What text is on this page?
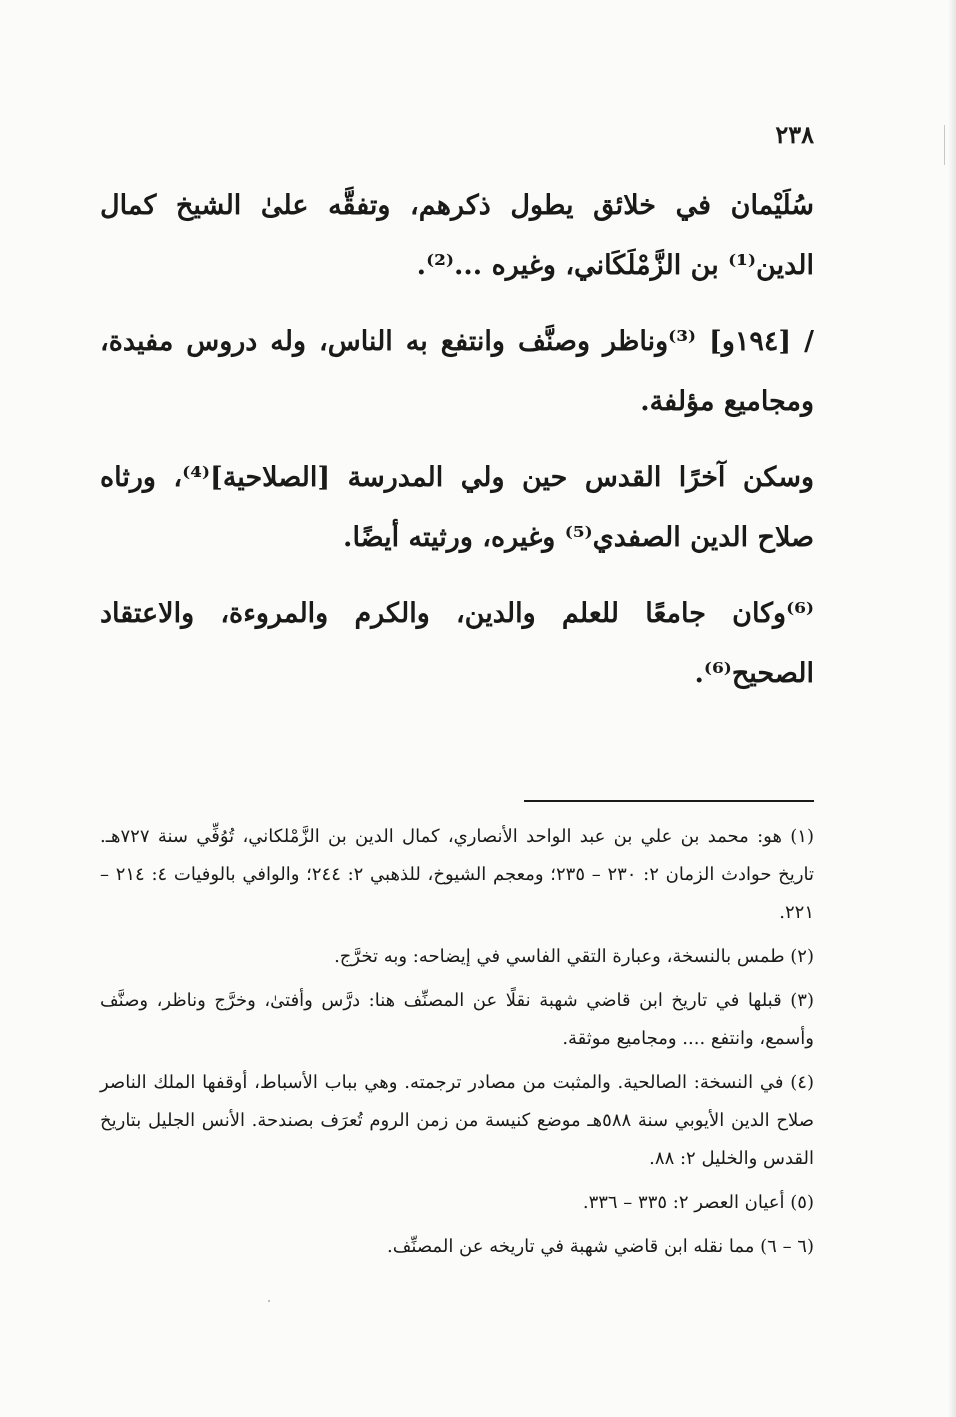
٢٣٨

سُلَيْمان في خلائق يطول ذكرهم، وتفقَّه علىٰ الشيخ كمال الدين⁽¹⁾ بن الزَّمْلَكَاني، وغيره ...⁽²⁾.

/ [١٩٤و] ⁽³⁾وناظر وصنَّف وانتفع به الناس، وله دروس مفيدة، ومجاميع مؤلفة.

وسكن آخرًا القدس حين ولي المدرسة [الصلاحية]⁽⁴⁾، ورثاه صلاح الدين الصفدي⁽⁵⁾ وغيره، ورثيته أيضًا.

⁽⁶⁾وكان جامعًا للعلم والدين، والكرم والمروءة، والاعتقاد الصحيح⁽⁶⁾.

(١) هو: محمد بن علي بن عبد الواحد الأنصاري، كمال الدين بن الزَّمْلكاني، تُوُفِّي سنة ٧٢٧هـ. تاريخ حوادث الزمان ٢: ٢٣٠ – ٢٣٥؛ ومعجم الشيوخ، للذهبي ٢: ٢٤٤؛ والوافي بالوفيات ٤: ٢١٤ – ٢٢١.

(٢) طمس بالنسخة، وعبارة التقي الفاسي في إيضاحه: وبه تخرَّج.

(٣) قبلها في تاريخ ابن قاضي شهبة نقلًا عن المصنِّف هنا: درَّس وأفتىٰ، وخرَّج وناظر، وصنَّف وأسمع، وانتفع .... ومجاميع موثقة.

(٤) في النسخة: الصالحية. والمثبت من مصادر ترجمته. وهي بباب الأسباط، أوقفها الملك الناصر صلاح الدين الأيوبي سنة ٥٨٨هـ موضع كنيسة من زمن الروم تُعرَف بصندحة. الأنس الجليل بتاريخ القدس والخليل ٢: ٨٨.

(٥) أعيان العصر ٢: ٣٣٥ – ٣٣٦.

(٦ – ٦) مما نقله ابن قاضي شهبة في تاريخه عن المصنِّف.
